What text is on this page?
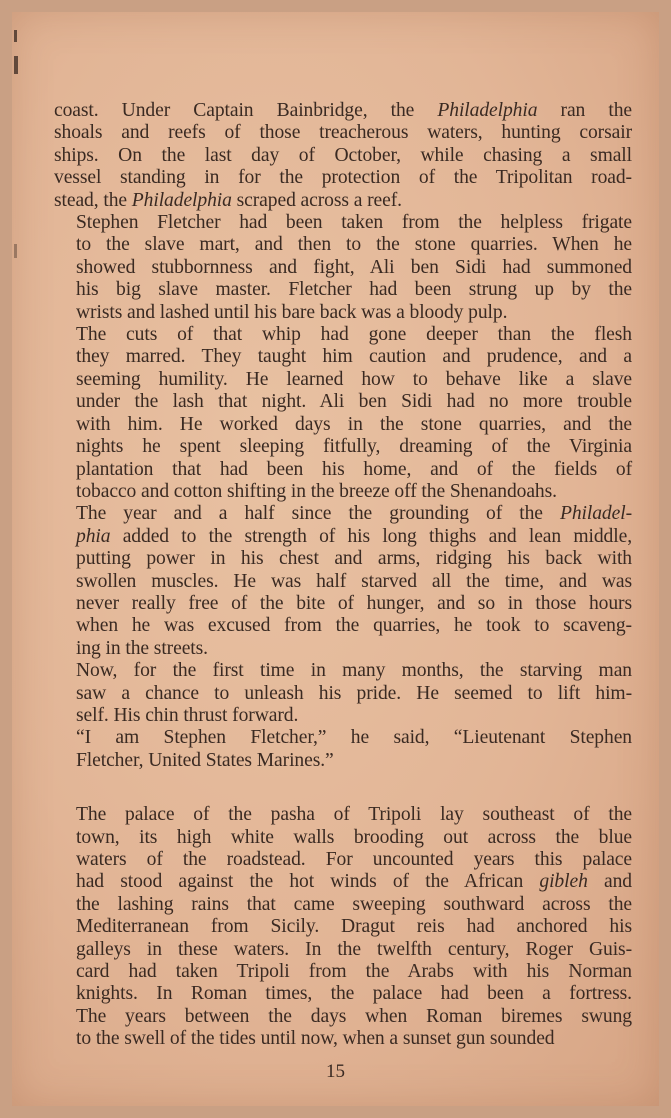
coast. Under Captain Bainbridge, the Philadelphia ran the
shoals and reefs of those treacherous waters, hunting corsair
ships. On the last day of October, while chasing a small
vessel standing in for the protection of the Tripolitan road-
stead, the Philadelphia scraped across a reef.

Stephen Fletcher had been taken from the helpless frigate
to the slave mart, and then to the stone quarries. When he
showed stubbornness and fight, Ali ben Sidi had summoned
his big slave master. Fletcher had been strung up by the
wrists and lashed until his bare back was a bloody pulp.

The cuts of that whip had gone deeper than the flesh
they marred. They taught him caution and prudence, and a
seeming humility. He learned how to behave like a slave
under the lash that night. Ali ben Sidi had no more trouble
with him. He worked days in the stone quarries, and the
nights he spent sleeping fitfully, dreaming of the Virginia
plantation that had been his home, and of the fields of
tobacco and cotton shifting in the breeze off the Shenandoahs.

The year and a half since the grounding of the Philadel-
phia added to the strength of his long thighs and lean middle,
putting power in his chest and arms, ridging his back with
swollen muscles. He was half starved all the time, and was
never really free of the bite of hunger, and so in those hours
when he was excused from the quarries, he took to scaveng-
ing in the streets.

Now, for the first time in many months, the starving man
saw a chance to unleash his pride. He seemed to lift him-
self. His chin thrust forward.

“I am Stephen Fletcher,” he said, “Lieutenant Stephen
Fletcher, United States Marines.”

The palace of the pasha of Tripoli lay southeast of the
town, its high white walls brooding out across the blue
waters of the roadstead. For uncounted years this palace
had stood against the hot winds of the African gibleh and
the lashing rains that came sweeping southward across the
Mediterranean from Sicily. Dragut reis had anchored his
galleys in these waters. In the twelfth century, Roger Guis-
card had taken Tripoli from the Arabs with his Norman
knights. In Roman times, the palace had been a fortress.
The years between the days when Roman biremes swung
to the swell of the tides until now, when a sunset gun sounded

15
